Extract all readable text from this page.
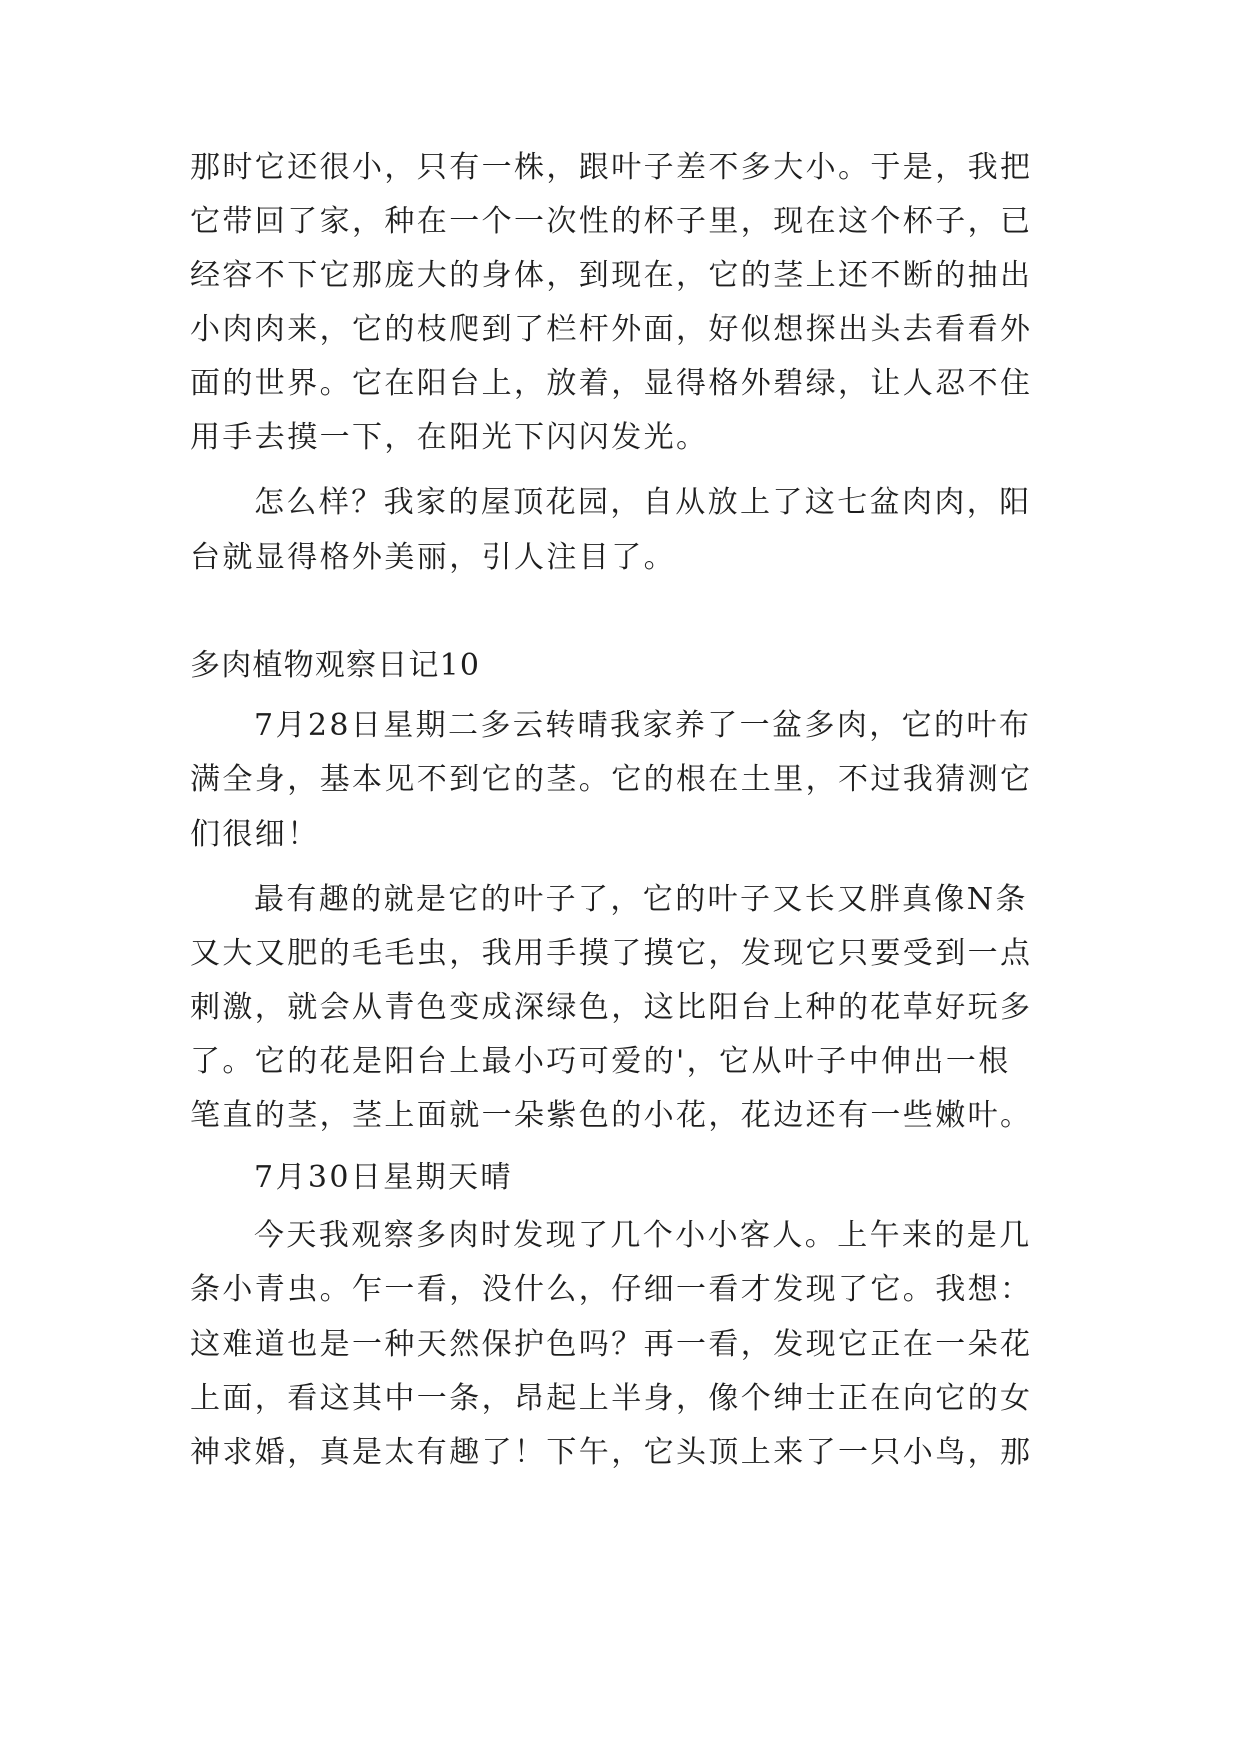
那时它还很小，只有一株，跟叶子差不多大小。于是，我把
它带回了家，种在一个一次性的杯子里，现在这个杯子，已
经容不下它那庞大的身体，到现在，它的茎上还不断的抽出
小肉肉来，它的枝爬到了栏杆外面，好似想探出头去看看外
面的世界。它在阳台上，放着，显得格外碧绿，让人忍不住
用手去摸一下，在阳光下闪闪发光。
怎么样？我家的屋顶花园，自从放上了这七盆肉肉，阳
台就显得格外美丽，引人注目了。
多肉植物观察日记10
7月28日星期二多云转晴我家养了一盆多肉，它的叶布
满全身，基本见不到它的茎。它的根在土里，不过我猜测它
们很细！
最有趣的就是它的叶子了，它的叶子又长又胖真像N条
又大又肥的毛毛虫，我用手摸了摸它，发现它只要受到一点
刺激，就会从青色变成深绿色，这比阳台上种的花草好玩多
了。它的花是阳台上最小巧可爱的'，它从叶子中伸出一根
笔直的茎，茎上面就一朵紫色的小花，花边还有一些嫩叶。
7月30日星期天晴
今天我观察多肉时发现了几个小小客人。上午来的是几
条小青虫。乍一看，没什么，仔细一看才发现了它。我想：
这难道也是一种天然保护色吗？再一看，发现它正在一朵花
上面，看这其中一条，昂起上半身，像个绅士正在向它的女
神求婚，真是太有趣了！下午，它头顶上来了一只小鸟，那
